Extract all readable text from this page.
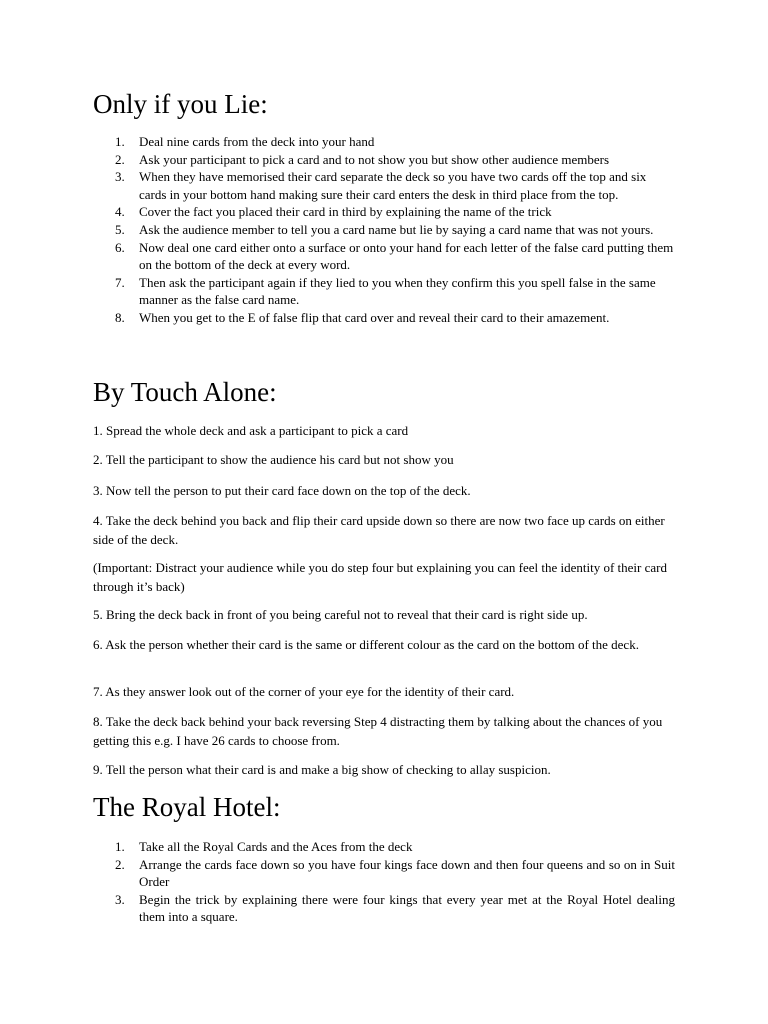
Only if you Lie:
1. Deal nine cards from the deck into your hand
2. Ask your participant to pick a card and to not show you but show other audience members
3. When they have memorised their card separate the deck so you have two cards off the top and six cards in your bottom hand making sure their card enters the desk in third place from the top.
4. Cover the fact you placed their card in third by explaining the name of the trick
5. Ask the audience member to tell you a card name but lie by saying a card name that was not yours.
6. Now deal one card either onto a surface or onto your hand for each letter of the false card putting them on the bottom of the deck at every word.
7. Then ask the participant again if they lied to you when they confirm this you spell false in the same manner as the false card name.
8. When you get to the E of false flip that card over and reveal their card to their amazement.
By Touch Alone:

1. Spread the whole deck and ask a participant to pick a card

2. Tell the participant to show the audience his card but not show you

3. Now tell the person to put their card face down on the top of the deck.

4. Take the deck behind you back and flip their card upside down so there are now two face up cards on either side of the deck.

(Important: Distract your audience while you do step four but explaining you can feel the identity of their card through it’s back)

5. Bring the deck back in front of you being careful not to reveal that their card is right side up.

6. Ask the person whether their card is the same or different colour as the card on the bottom of the deck.

7. As they answer look out of the corner of your eye for the identity of their card.

8. Take the deck back behind your back reversing Step 4 distracting them by talking about the chances of you getting this e.g. I have 26 cards to choose from.

9. Tell the person what their card is and make a big show of checking to allay suspicion.

The Royal Hotel:
1. Take all the Royal Cards and the Aces from the deck
2. Arrange the cards face down so you have four kings face down and then four queens and so on in Suit Order
3. Begin the trick by explaining there were four kings that every year met at the Royal Hotel dealing them into a square.
